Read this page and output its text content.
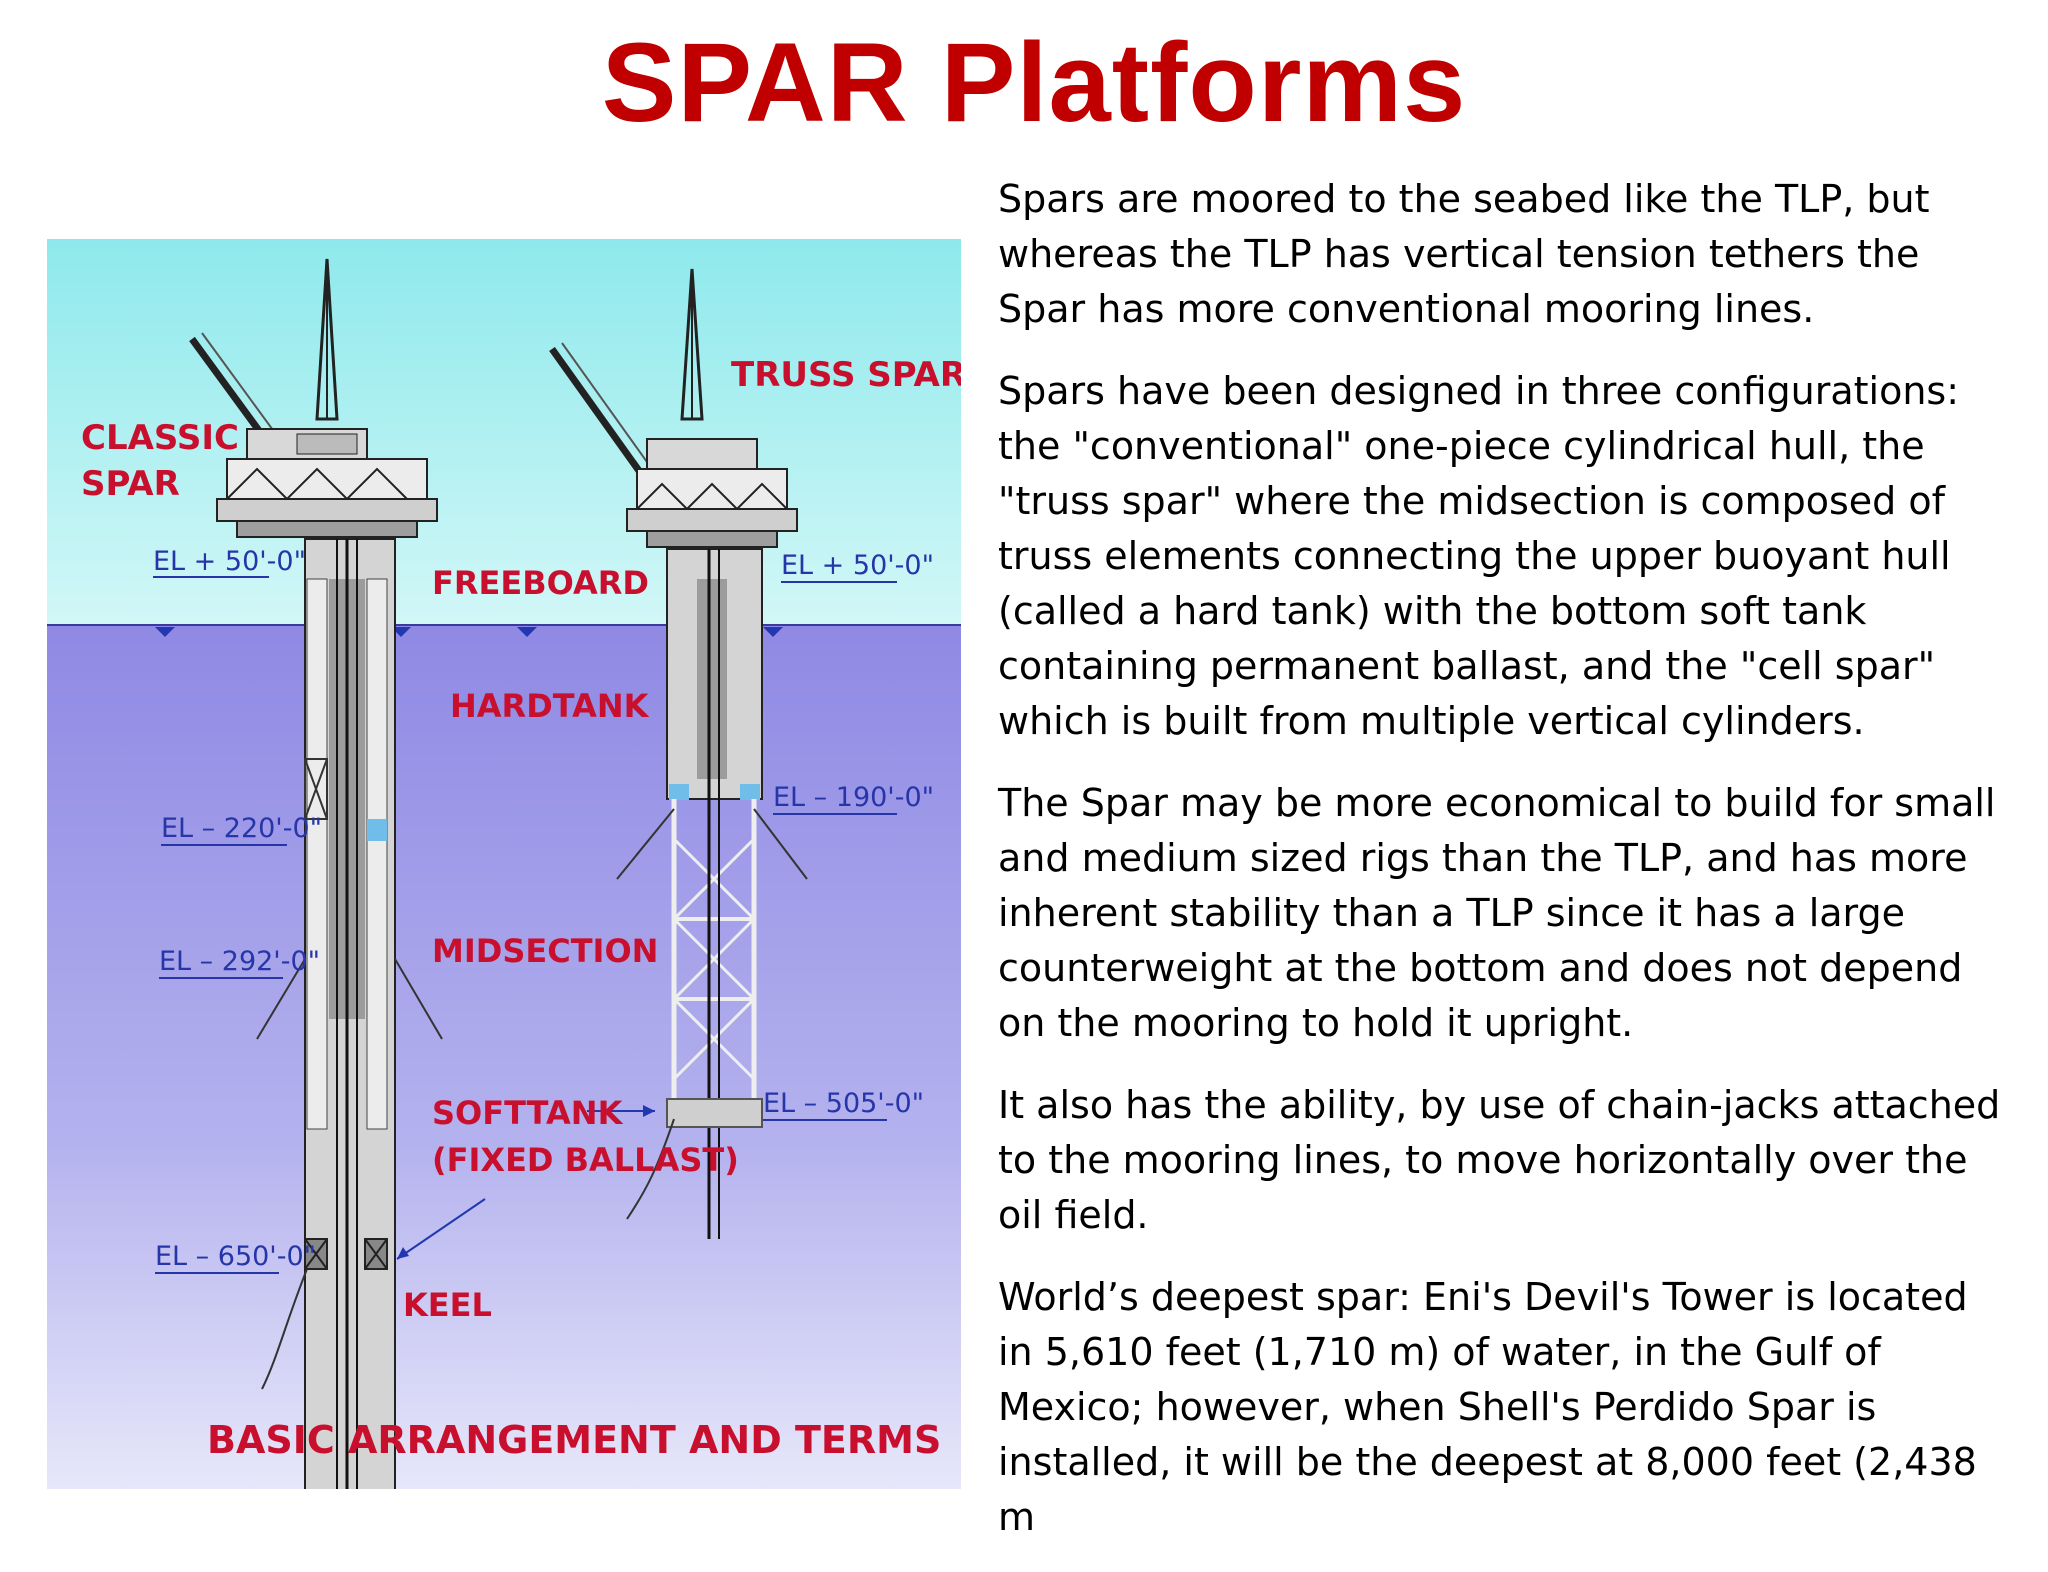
SPAR Platforms
CLASSIC
SPAR
TRUSS SPAR
FREEBOARD
HARDTANK
MIDSECTION
SOFTTANK
(FIXED BALLAST)
KEEL
BASIC ARRANGEMENT AND TERMS
EL + 50'-0"
EL – 220'-0"
EL – 292'-0"
EL – 650'-0"
EL + 50'-0"
EL – 190'-0"
EL – 505'-0"

Spars are moored to the seabed like the TLP, but whereas the TLP has vertical tension tethers the Spar has more conventional mooring lines.

Spars have been designed in three configurations: the "conventional" one-piece cylindrical hull, the "truss spar" where the midsection is composed of truss elements connecting the upper buoyant hull (called a hard tank) with the bottom soft tank containing permanent ballast, and the "cell spar" which is built from multiple vertical cylinders.

The Spar may be more economical to build for small and medium sized rigs than the TLP, and has more inherent stability than a TLP since it has a large counterweight at the bottom and does not depend on the mooring to hold it upright.

It also has the ability, by use of chain-jacks attached to the mooring lines, to move horizontally over the oil field.

World’s deepest spar: Eni's Devil's Tower is located in 5,610 feet (1,710 m) of water, in the Gulf of Mexico; however, when Shell's Perdido Spar is installed, it will be the deepest at 8,000 feet (2,438 m
